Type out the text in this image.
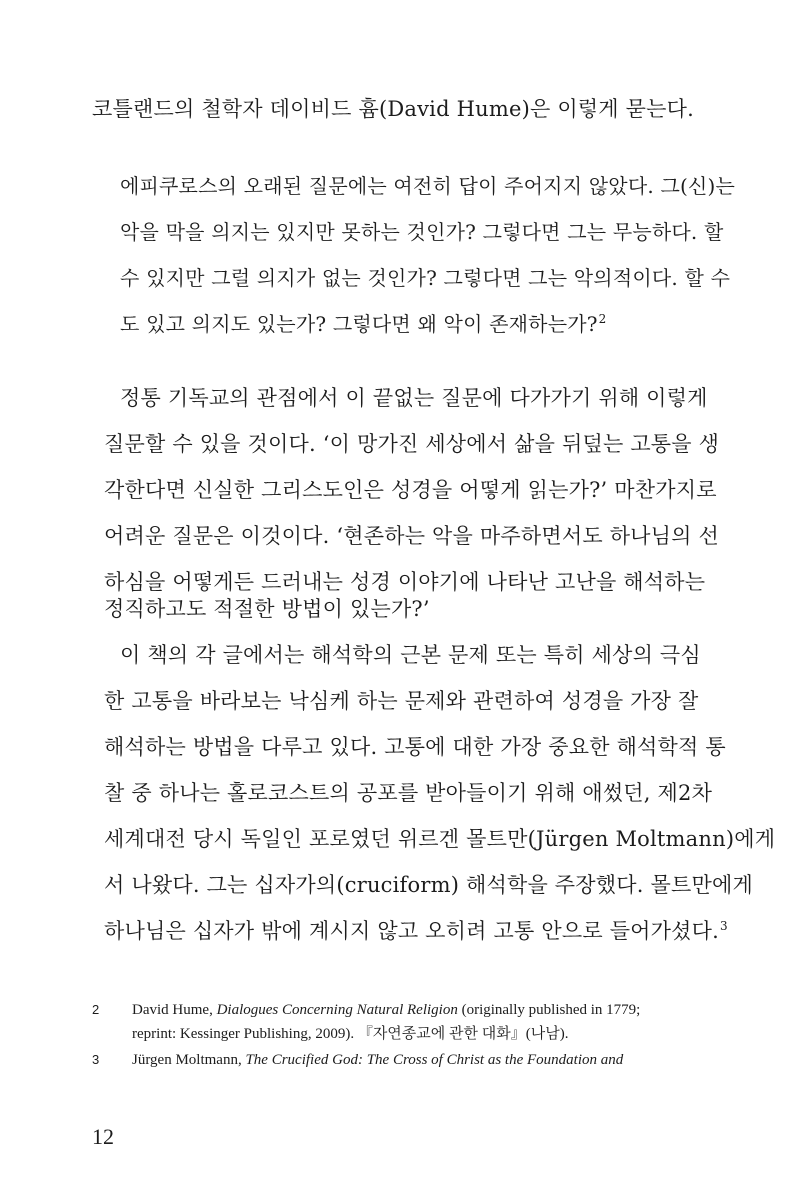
코틀랜드의 철학자 데이비드 흄(David Hume)은 이렇게 묻는다.
에피쿠로스의 오래된 질문에는 여전히 답이 주어지지 않았다. 그(신)는
악을 막을 의지는 있지만 못하는 것인가? 그렇다면 그는 무능하다. 할
수 있지만 그럴 의지가 없는 것인가? 그렇다면 그는 악의적이다. 할 수
도 있고 의지도 있는가? 그렇다면 왜 악이 존재하는가?$^2$
정통 기독교의 관점에서 이 끝없는 질문에 다가가기 위해 이렇게
질문할 수 있을 것이다. ‘이 망가진 세상에서 삶을 뒤덮는 고통을 생
각한다면 신실한 그리스도인은 성경을 어떻게 읽는가?’ 마찬가지로
어려운 질문은 이것이다. ‘현존하는 악을 마주하면서도 하나님의 선
하심을 어떻게든 드러내는 성경 이야기에 나타난 고난을 해석하는
정직하고도 적절한 방법이 있는가?’
이 책의 각 글에서는 해석학의 근본 문제 또는 특히 세상의 극심
한 고통을 바라보는 낙심케 하는 문제와 관련하여 성경을 가장 잘
해석하는 방법을 다루고 있다. 고통에 대한 가장 중요한 해석학적 통
찰 중 하나는 홀로코스트의 공포를 받아들이기 위해 애썼던, 제2차
세계대전 당시 독일인 포로였던 위르겐 몰트만(Jürgen Moltmann)에게
서 나왔다. 그는 십자가의(cruciform) 해석학을 주장했다. 몰트만에게
하나님은 십자가 밖에 계시지 않고 오히려 고통 안으로 들어가셨다.$^3$
2 David Hume, Dialogues Concerning Natural Religion (originally published in 1779;
reprint: Kessinger Publishing, 2009). 『자연종교에 관한 대화』(나남).
3 Jürgen Moltmann, The Crucified God: The Cross of Christ as the Foundation and
12
